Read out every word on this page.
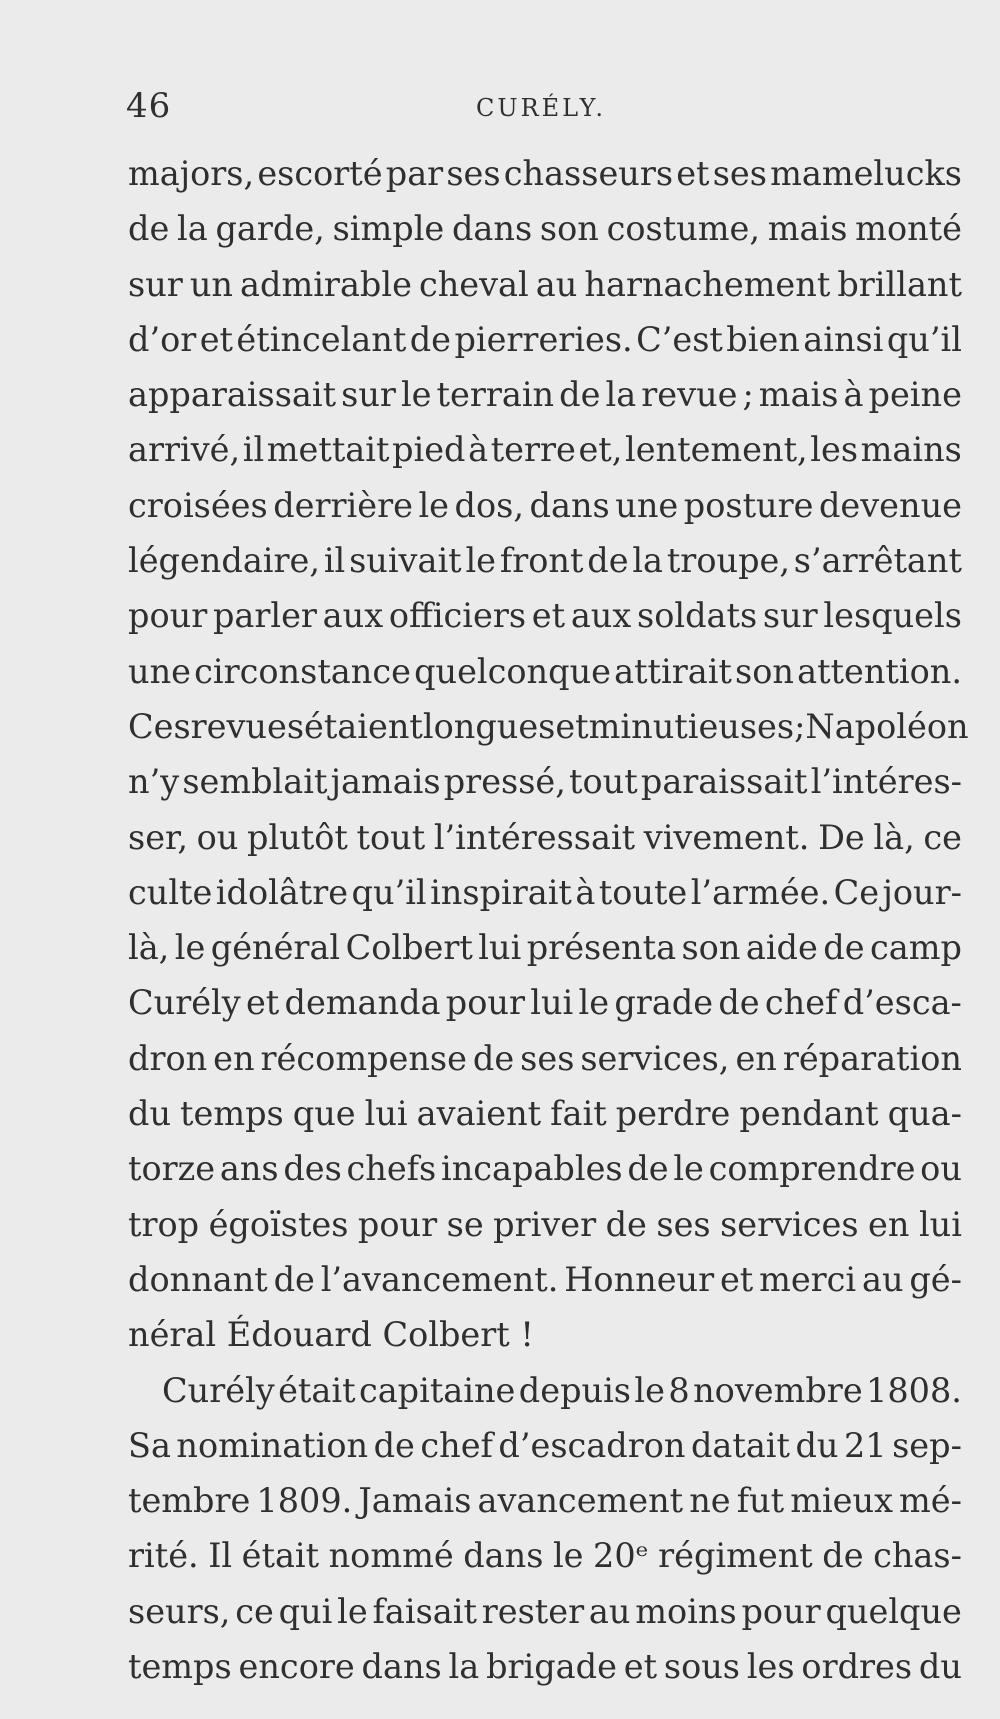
46	CURÉLY.
majors, escorté par ses chasseurs et ses mamelucks
de la garde, simple dans son costume, mais monté
sur un admirable cheval au harnachement brillant
d’or et étincelant de pierreries. C’est bien ainsi qu’il
apparaissait sur le terrain de la revue ; mais à peine
arrivé, il mettait pied à terre et, lentement, les mains
croisées derrière le dos, dans une posture devenue
légendaire, il suivait le front de la troupe, s’arrêtant
pour parler aux officiers et aux soldats sur lesquels
une circonstance quelconque attirait son attention.
Ces revues étaient longues et minutieuses ; Napoléon
n’y semblait jamais pressé, tout paraissait l’intéres-
ser, ou plutôt tout l’intéressait vivement. De là, ce
culte idolâtre qu’il inspirait à toute l’armée. Ce jour-
là, le général Colbert lui présenta son aide de camp
Curély et demanda pour lui le grade de chef d’esca-
dron en récompense de ses services, en réparation
du temps que lui avaient fait perdre pendant qua-
torze ans des chefs incapables de le comprendre ou
trop égoïstes pour se priver de ses services en lui
donnant de l’avancement. Honneur et merci au gé-
néral Édouard Colbert !
Curély était capitaine depuis le 8 novembre 1808.
Sa nomination de chef d’escadron datait du 21 sep-
tembre 1809. Jamais avancement ne fut mieux mé-
rité. Il était nommé dans le 20ᵉ régiment de chas-
seurs, ce qui le faisait rester au moins pour quelque
temps encore dans la brigade et sous les ordres du
